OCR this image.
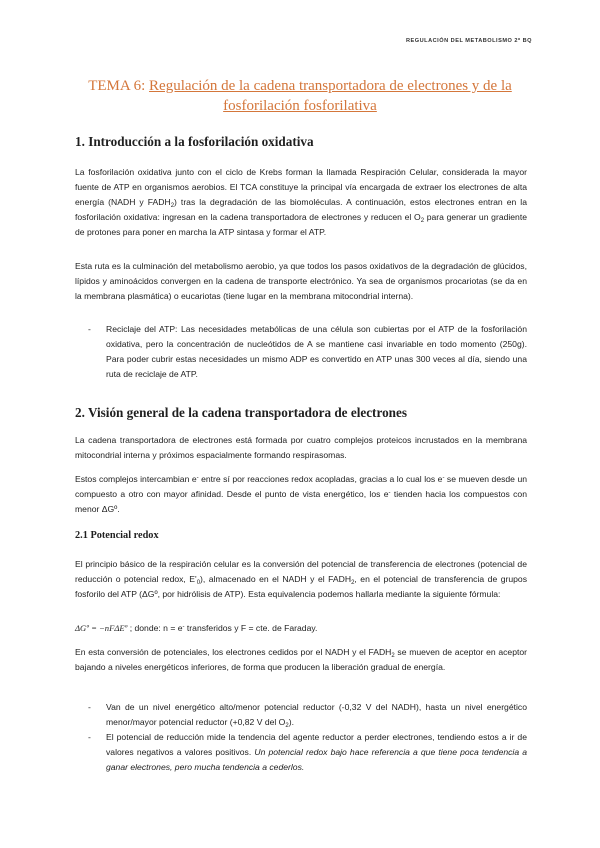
REGULACIÓN DEL METABOLISMO 2º BQ
TEMA 6: Regulación de la cadena transportadora de electrones y de la
fosforilación fosforilativa
1. Introducción a la fosforilación oxidativa

La fosforilación oxidativa junto con el ciclo de Krebs forman la llamada Respiración Celular, considerada la mayor fuente de ATP en organismos aerobios. El TCA constituye la principal vía encargada de extraer los electrones de alta energía (NADH y $FADH_2$) tras la degradación de las biomoléculas. A continuación, estos electrones entran en la fosforilación oxidativa: ingresan en la cadena transportadora de electrones y reducen el $O_2$ para generar un gradiente de protones para poner en marcha la ATP sintasa y formar el ATP.

Esta ruta es la culminación del metabolismo aerobio, ya que todos los pasos oxidativos de la degradación de glúcidos, lípidos y aminoácidos convergen en la cadena de transporte electrónico. Ya sea de organismos procariotas (se da en la membrana plasmática) o eucariotas (tiene lugar en la membrana mitocondrial interna).

- Reciclaje del ATP: Las necesidades metabólicas de una célula son cubiertas por el ATP de la fosforilación oxidativa, pero la concentración de nucleótidos de A se mantiene casi invariable en todo momento (250g). Para poder cubrir estas necesidades un mismo ADP es convertido en ATP unas 300 veces al día, siendo una ruta de reciclaje de ATP.
2. Visión general de la cadena transportadora de electrones

La cadena transportadora de electrones está formada por cuatro complejos proteicos incrustados en la membrana mitocondrial interna y próximos espacialmente formando respirasomas.

Estos complejos intercambian e- entre sí por reacciones redox acopladas, gracias a lo cual los e- se mueven desde un compuesto a otro con mayor afinidad. Desde el punto de vista energético, los e- tienden hacia los compuestos con menor ΔGº.

2.1 Potencial redox

El principio básico de la respiración celular es la conversión del potencial de transferencia de electrones (potencial de reducción o potencial redox, $E'_0$), almacenado en el NADH y el $FADH_2$, en el potencial de transferencia de grupos fosforilo del ATP (ΔGº, por hidrólisis de ATP). Esta equivalencia podemos hallarla mediante la siguiente fórmula:

ΔGº = −nFΔEº ; donde: n = e- transferidos y F = cte. de Faraday.

En esta conversión de potenciales, los electrones cedidos por el NADH y el $FADH_2$ se mueven de aceptor en aceptor bajando a niveles energéticos inferiores, de forma que producen la liberación gradual de energía.

- Van de un nivel energético alto/menor potencial reductor (-0,32 V del NADH), hasta un nivel energético menor/mayor potencial reductor (+0,82 V del $O_2$).
- El potencial de reducción mide la tendencia del agente reductor a perder electrones, tendiendo estos a ir de valores negativos a valores positivos. Un potencial redox bajo hace referencia a que tiene poca tendencia a ganar electrones, pero mucha tendencia a cederlos.
